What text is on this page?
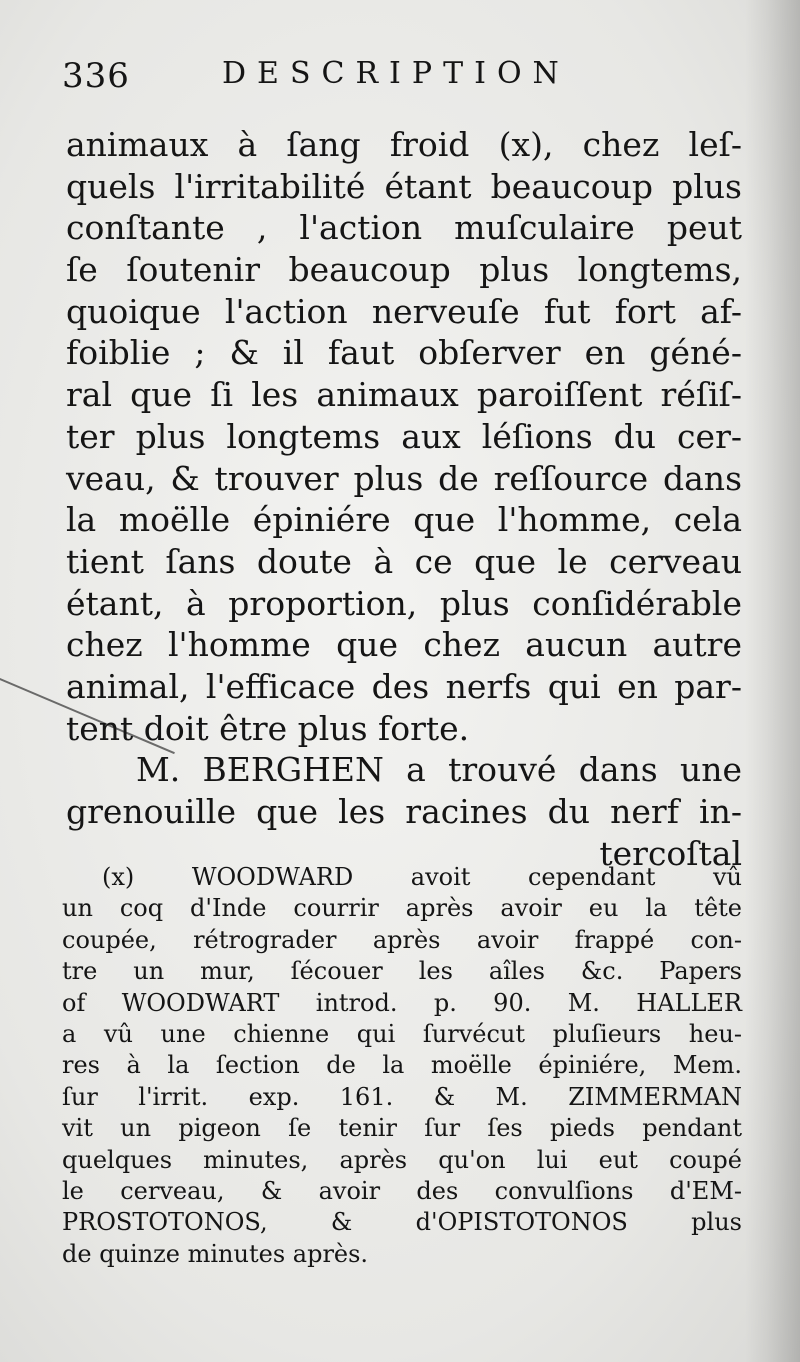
336	DESCRIPTION
animaux à ſang froid (x), chez leſ-
quels l'irritabilité étant beaucoup plus
conſtante , l'action muſculaire peut
ſe ſoutenir beaucoup plus longtems,
quoique l'action nerveuſe fut fort af-
foiblie ; & il faut obſerver en géné-
ral que ſi les animaux paroiſſent réſiſ-
ter plus longtems aux léſions du cer-
veau, & trouver plus de reſſource dans
la moëlle épiniére que l'homme, cela
tient ſans doute à ce que le cerveau
étant, à proportion, plus conſidérable
chez l'homme que chez aucun autre
animal, l'efficace des nerfs qui en par-
tent doit être plus forte.
M. BERGHEN a trouvé dans une
grenouille que les racines du nerf in-
tercoſtal
(x) WOODWARD avoit cependant vû
un coq d'Inde courrir après avoir eu la tête
coupée, rétrograder après avoir frappé con-
tre un mur, ſécouer les aîles &c. Papers
of WOODWART introd. p. 90. M. HALLER
a vû une chienne qui ſurvécut pluſieurs heu-
res à la ſection de la moëlle épiniére, Mem.
ſur l'irrit. exp. 161. & M. ZIMMERMAN
vit un pigeon ſe tenir ſur ſes pieds pendant
quelques minutes, après qu'on lui eut coupé
le cerveau, & avoir des convulſions d'EM-
PROSTOTONOS, & d'OPISTOTONOS plus
de quinze minutes après.
